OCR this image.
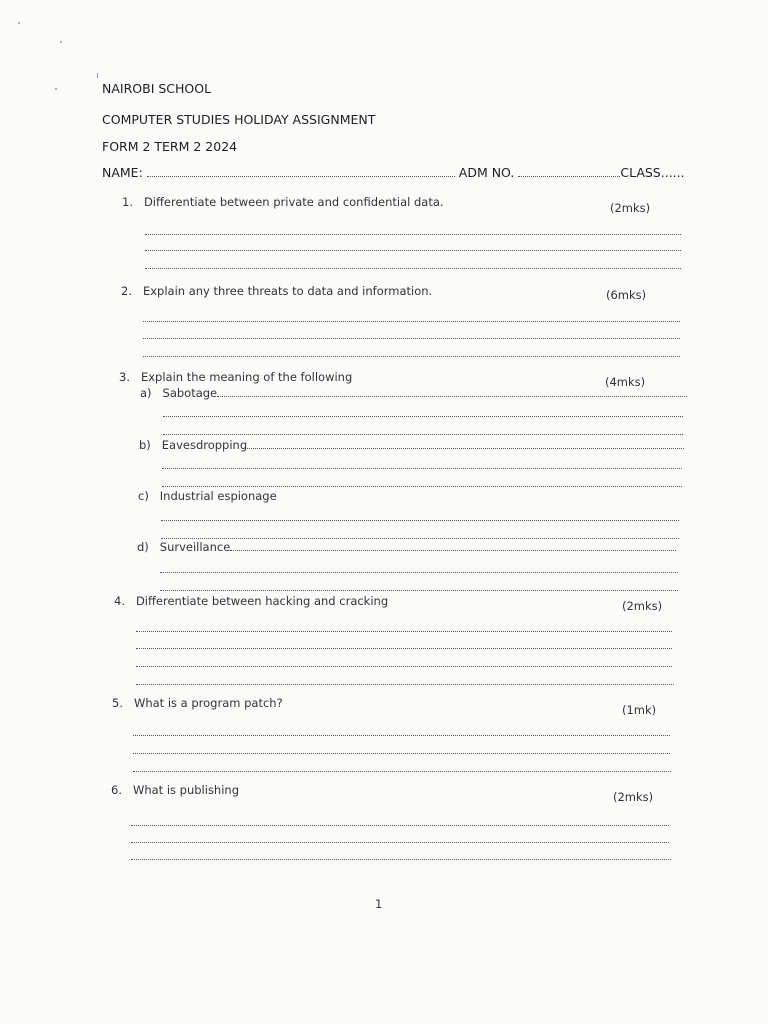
NAIROBI SCHOOL
COMPUTER STUDIES HOLIDAY ASSIGNMENT
FORM 2 TERM 2 2024
NAME:	ADM NO.	CLASS......
1. Differentiate between private and confidential data.	(2mks)
2. Explain any three threats to data and information.	(6mks)
3. Explain the meaning of the following	(4mks)
a) Sabotage
b) Eavesdropping
c) Industrial espionage
d) Surveillance
4. Differentiate between hacking and cracking	(2mks)
5. What is a program patch?	(1mk)
6. What is publishing	(2mks)
1
